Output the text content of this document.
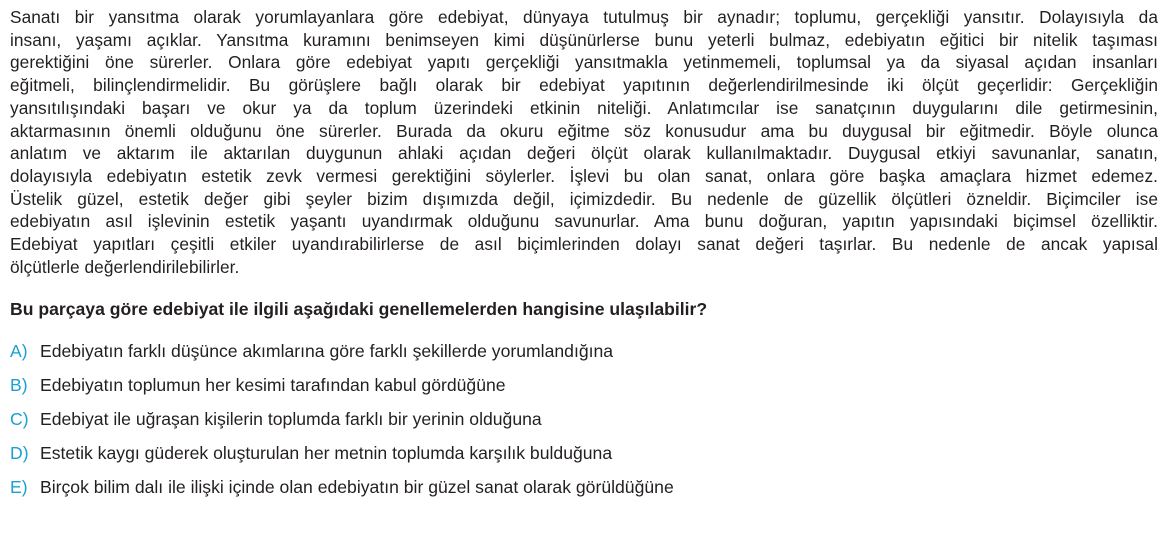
Sanatı bir yansıtma olarak yorumlayanlara göre edebiyat, dünyaya tutulmuş bir aynadır; toplumu, gerçekliği yansıtır. Dolayısıyla da
insanı, yaşamı açıklar. Yansıtma kuramını benimseyen kimi düşünürlerse bunu yeterli bulmaz, edebiyatın eğitici bir nitelik taşıması
gerektiğini öne sürerler. Onlara göre edebiyat yapıtı gerçekliği yansıtmakla yetinmemeli, toplumsal ya da siyasal açıdan insanları
eğitmeli, bilinçlendirmelidir. Bu görüşlere bağlı olarak bir edebiyat yapıtının değerlendirilmesinde iki ölçüt geçerlidir: Gerçekliğin
yansıtılışındaki başarı ve okur ya da toplum üzerindeki etkinin niteliği. Anlatımcılar ise sanatçının duygularını dile getirmesinin,
aktarmasının önemli olduğunu öne sürerler. Burada da okuru eğitme söz konusudur ama bu duygusal bir eğitmedir. Böyle olunca
anlatım ve aktarım ile aktarılan duygunun ahlaki açıdan değeri ölçüt olarak kullanılmaktadır. Duygusal etkiyi savunanlar, sanatın,
dolayısıyla edebiyatın estetik zevk vermesi gerektiğini söylerler. İşlevi bu olan sanat, onlara göre başka amaçlara hizmet edemez.
Üstelik güzel, estetik değer gibi şeyler bizim dışımızda değil, içimizdedir. Bu nedenle de güzellik ölçütleri özneldir. Biçimciler ise
edebiyatın asıl işlevinin estetik yaşantı uyandırmak olduğunu savunurlar. Ama bunu doğuran, yapıtın yapısındaki biçimsel özelliktir.
Edebiyat yapıtları çeşitli etkiler uyandırabilirlerse de asıl biçimlerinden dolayı sanat değeri taşırlar. Bu nedenle de ancak yapısal
ölçütlerle değerlendirilebilirler.

Bu parçaya göre edebiyat ile ilgili aşağıdaki genellemelerden hangisine ulaşılabilir?

A) Edebiyatın farklı düşünce akımlarına göre farklı şekillerde yorumlandığına
B) Edebiyatın toplumun her kesimi tarafından kabul gördüğüne
C) Edebiyat ile uğraşan kişilerin toplumda farklı bir yerinin olduğuna
D) Estetik kaygı güderek oluşturulan her metnin toplumda karşılık bulduğuna
E) Birçok bilim dalı ile ilişki içinde olan edebiyatın bir güzel sanat olarak görüldüğüne
